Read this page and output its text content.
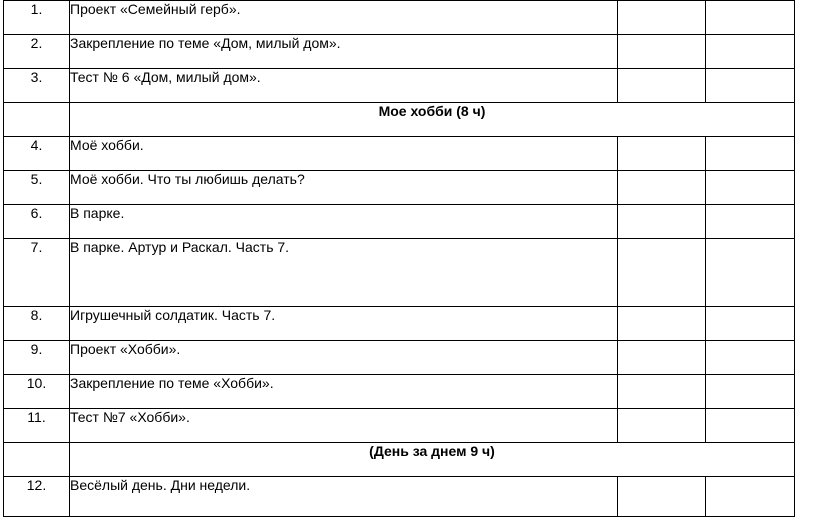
1.	Проект «Семейный герб».		
2.	Закрепление по теме «Дом, милый дом».		
3.	Тест № 6 «Дом, милый дом».		
	Мое хобби (8 ч)		
4.	Моё хобби.		
5.	Моё хобби. Что ты любишь делать?		
6.	В парке.		
7.	В парке. Артур и Раскал. Часть 7.		
8.	Игрушечный солдатик. Часть 7.		
9.	Проект «Хобби».		
10.	Закрепление по теме «Хобби».		
11.	Тест №7 «Хобби».		
	(День за днем 9 ч)		
12.	Весёлый день. Дни недели.		
